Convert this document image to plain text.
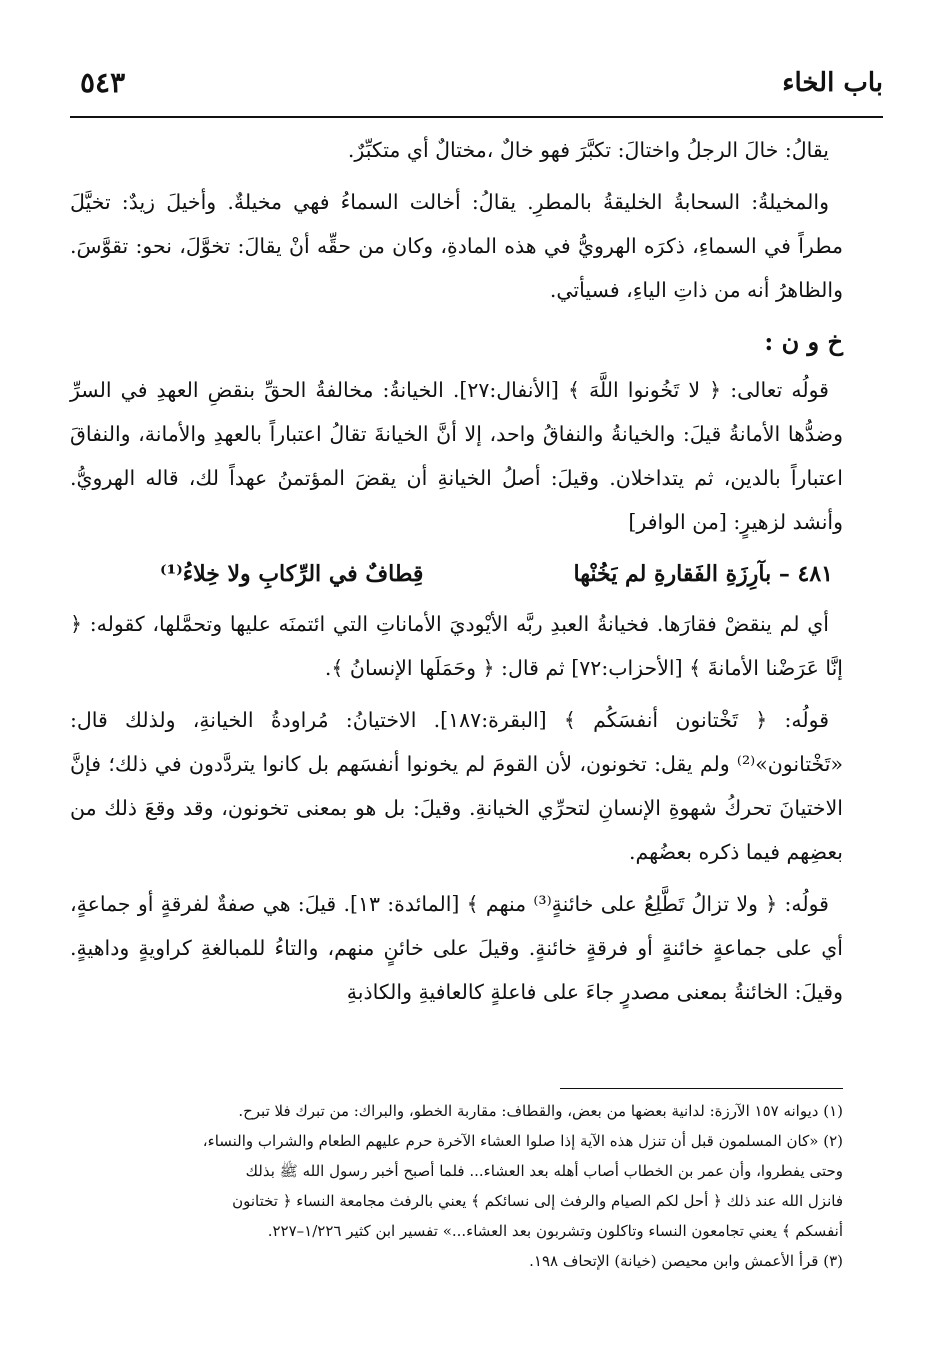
باب الخاء
٥٤٣

يقالُ: خالَ الرجلُ واختالَ: تكبَّرَ فهو خالٌ ،مختالٌ أي متكبِّرٌ.

والمخيلةُ: السحابةُ الخليقةُ بالمطرِ. يقالُ: أخالت السماءُ فهي مخيلةٌ. وأخيلَ زيدٌ: تخيَّلَ مطراً في السماءِ، ذكرَه الهرويُّ في هذه المادةِ، وكان من حقِّه أنْ يقالَ: تخوَّلَ، نحو: تقوَّسَ. والظاهرُ أنه من ذاتِ الياءِ، فسيأتي.

خ و ن :

قولُه تعالى: ﴿ لا تَخُونوا اللَّهَ ﴾ [الأنفال:٢٧]. الخيانةُ: مخالفةُ الحقِّ بنقضِ العهدِ في السرِّ وضدُّها الأمانةُ قيلَ: والخيانةُ والنفاقُ واحد، إلا أنَّ الخيانةَ تقالُ اعتباراً بالعهدِ والأمانة، والنفاقَ اعتباراً بالدين، ثم يتداخلان. وقيلَ: أصلُ الخيانةِ أن يقضَ المؤتمنُ عهداً لك، قاله الهرويُّ. وأنشد لزهيرٍ: [من الوافر]

٤٨١ – بآرِزَةِ الفَقارةِ لم يَخُنْها
قِطافٌ في الرِّكابِ ولا خِلاءُ⁽¹⁾

أي لم ينقضْ فقارَها. فخيانةُ العبدِ ربَّه الأيْوديَ الأماناتِ التي ائتمنَه عليها وتحمَّلها، كقوله: ﴿ إنَّا عَرَضْنا الأمانةَ ﴾ [الأحزاب:٧٢] ثم قال: ﴿ وحَمَلَها الإنسانُ ﴾.

قولُه: ﴿ تَخْتانون أنفسَكُم ﴾ [البقرة:١٨٧]. الاختيانُ: مُراودةُ الخيانةِ، ولذلك قال: «تَخْتانون»⁽²⁾ ولم يقل: تخونون، لأن القومَ لم يخونوا أنفسَهم بل كانوا يتردَّدون في ذلك؛ فإنَّ الاختيانَ تحركُ شهوةِ الإنسانِ لتحرِّي الخيانةِ. وقيلَ: بل هو بمعنى تخونون، وقد وقعَ ذلك من بعضِهم فيما ذكره بعضُهم.

قولُه: ﴿ ولا تزالُ تَطَّلِعُ على خائنةٍ⁽³⁾ منهم ﴾ [المائدة: ١٣]. قيلَ: هي صفةٌ لفرقةٍ أو جماعةٍ، أي على جماعةٍ خائنةٍ أو فرقةٍ خائنةٍ. وقيلَ على خائنٍ منهم، والتاءُ للمبالغةِ كراويةٍ وداهيةٍ. وقيلَ: الخائنةُ بمعنى مصدرٍ جاءَ على فاعلةٍ كالعافيةِ والكاذبةِ

(١) ديوانه ١٥٧ الآرزة: لدانية بعضها من بعض، والقطاف: مقاربة الخطو، والبراك: من تبرك فلا تبرح.

(٢) «كان المسلمون قبل أن تنزل هذه الآية إذا صلوا العشاء الآخرة حرم عليهم الطعام والشراب والنساء،

وحتى يفطروا، وأن عمر بن الخطاب أصاب أهله بعد العشاء... فلما أصبح أخبر رسول الله ﷺ بذلك

فانزل الله عند ذلك ﴿ أحل لكم الصيام والرفث إلى نسائكم ﴾ يعني بالرفث مجامعة النساء ﴿ تختانون

أنفسكم ﴾ يعني تجامعون النساء وتاكلون وتشربون بعد العشاء...» تفسير ابن كثير ١/٢٢٦–٢٢٧.

(٣) قرأ الأعمش وابن محيصن (خيانة) الإتحاف ١٩٨.
